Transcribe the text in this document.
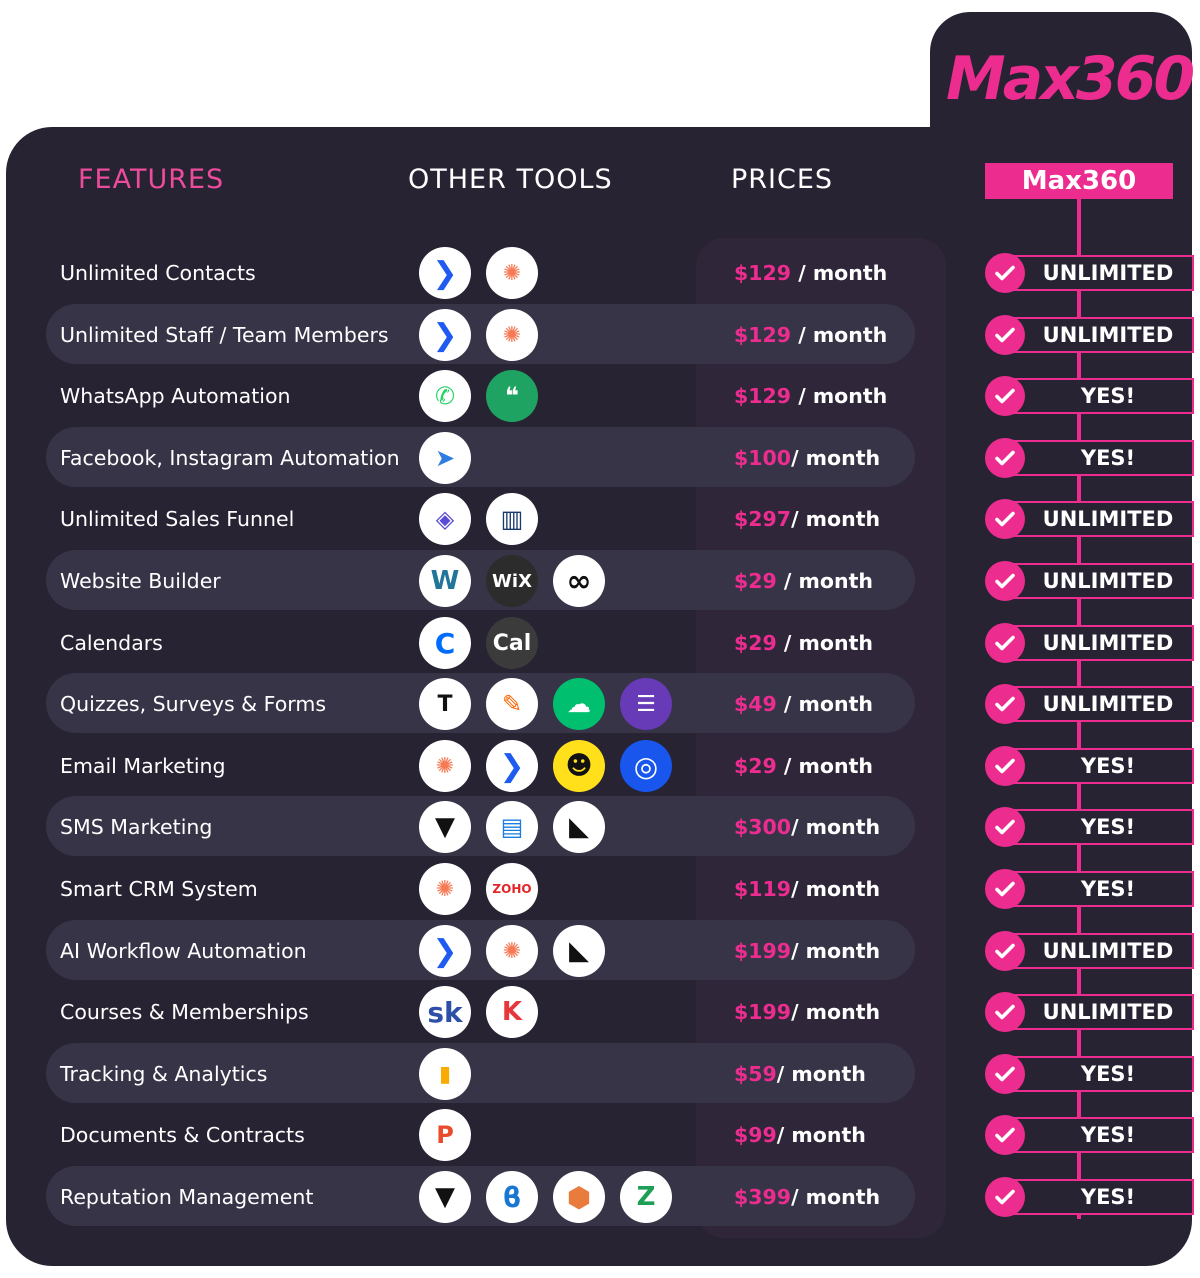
Max360
FEATURES	OTHER TOOLS	PRICES	Max360
Unlimited Contacts	❯	✺	$129 / month	UNLIMITED
Unlimited Staff / Team Members	❯	✺	$129 / month	UNLIMITED
WhatsApp Automation	✆	❝	$129 / month	YES!
Facebook, Instagram Automation	➤	$100/ month	YES!
Unlimited Sales Funnel	◈	▥	$297/ month	UNLIMITED
Website Builder	W	WiX	∞	$29 / month	UNLIMITED
Calendars	C	Cal	$29 / month	UNLIMITED
Quizzes, Surveys & Forms	T	✎	☁	☰	$49 / month	UNLIMITED
Email Marketing	✺	❯	☻	◎	$29 / month	YES!
SMS Marketing	▼	▤	◣	$300/ month	YES!
Smart CRM System	✺	ZOHO	$119/ month	YES!
AI Workflow Automation	❯	✺	◣	$199/ month	UNLIMITED
Courses & Memberships	sk	K	$199/ month	UNLIMITED
Tracking & Analytics	▮	$59/ month	YES!
Documents & Contracts	P	$99/ month	YES!
Reputation Management	▼	ϐ	⬢	Z	$399/ month	YES!
